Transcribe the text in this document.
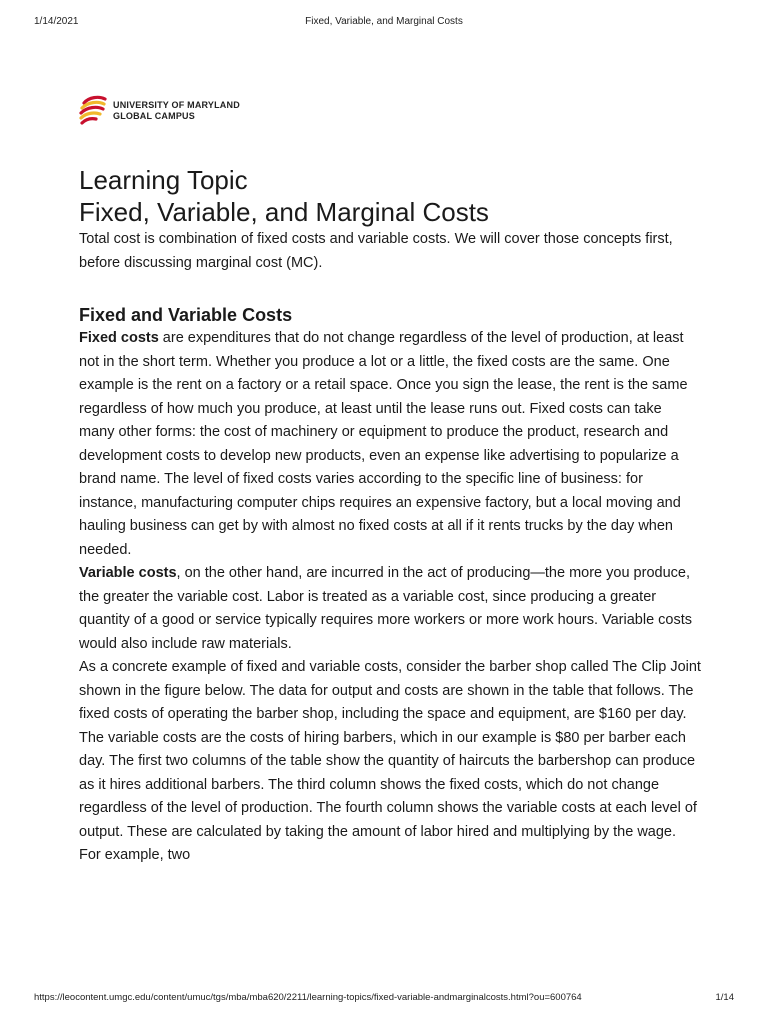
1/14/2021	Fixed, Variable, and Marginal Costs
UNIVERSITY OF MARYLAND
GLOBAL CAMPUS
Learning Topic
Fixed, Variable, and Marginal Costs

Total cost is combination of fixed costs and variable costs. We will cover those concepts first, before discussing marginal cost (MC).

Fixed and Variable Costs

Fixed costs are expenditures that do not change regardless of the level of production, at least not in the short term. Whether you produce a lot or a little, the fixed costs are the same. One example is the rent on a factory or a retail space. Once you sign the lease, the rent is the same regardless of how much you produce, at least until the lease runs out. Fixed costs can take many other forms: the cost of machinery or equipment to produce the product, research and development costs to develop new products, even an expense like advertising to popularize a brand name. The level of fixed costs varies according to the specific line of business: for instance, manufacturing computer chips requires an expensive factory, but a local moving and hauling business can get by with almost no fixed costs at all if it rents trucks by the day when needed.

Variable costs, on the other hand, are incurred in the act of producing—the more you produce, the greater the variable cost. Labor is treated as a variable cost, since producing a greater quantity of a good or service typically requires more workers or more work hours. Variable costs would also include raw materials.

As a concrete example of fixed and variable costs, consider the barber shop called The Clip Joint shown in the figure below. The data for output and costs are shown in the table that follows. The fixed costs of operating the barber shop, including the space and equipment, are $160 per day. The variable costs are the costs of hiring barbers, which in our example is $80 per barber each day. The first two columns of the table show the quantity of haircuts the barbershop can produce as it hires additional barbers. The third column shows the fixed costs, which do not change regardless of the level of production. The fourth column shows the variable costs at each level of output. These are calculated by taking the amount of labor hired and multiplying by the wage. For example, two

https://leocontent.umgc.edu/content/umuc/tgs/mba/mba620/2211/learning-topics/fixed-variable-andmarginalcosts.html?ou=600764	1/14
